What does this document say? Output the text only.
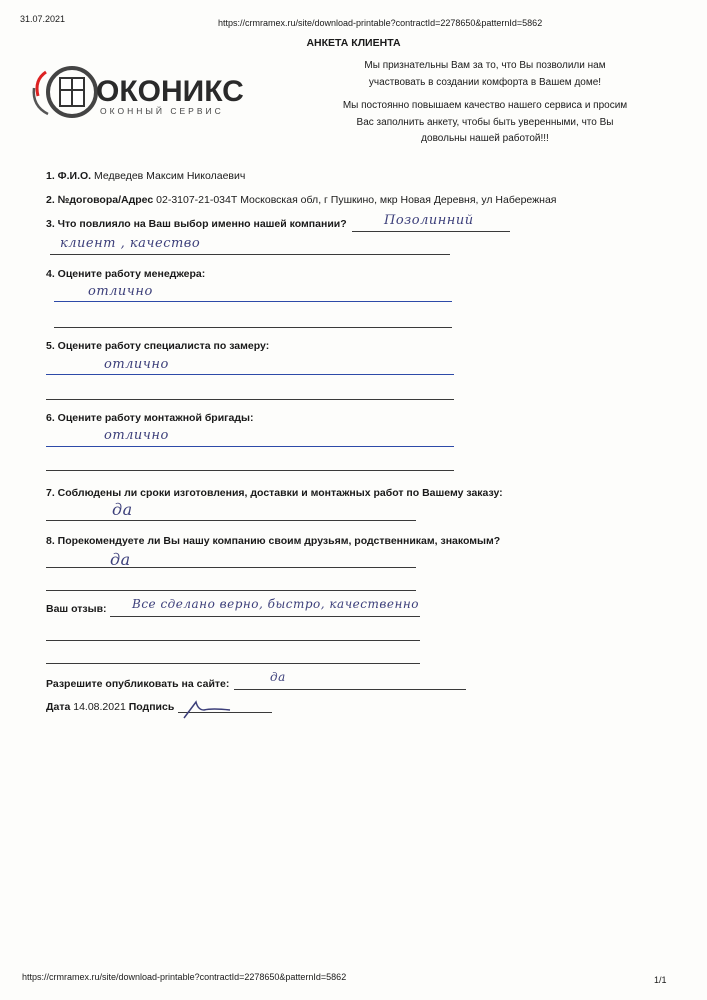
31.07.2021	https://crmramex.ru/site/download-printable?contractId=2278650&patternId=5862
АНКЕТА КЛИЕНТА
ОКОНИКС
ОКОННЫЙ СЕРВИС
Мы признательны Вам за то, что Вы позволили нам
участвовать в создании комфорта в Вашем доме!
Мы постоянно повышаем качество нашего сервиса и просим
Вас заполнить анкету, чтобы быть уверенными, что Вы
довольны нашей работой!!!
1. Ф.И.О. Медведев Максим Николаевич
2. №договора/Адрес 02-3107-21-034Т Московская обл, г Пушкино, мкр Новая Деревня, ул Набережная
3. Что повлияло на Ваш выбор именно нашей компании?	Позолинний
клиент , качество
4. Оцените работу менеджера:
отлично
5. Оцените работу специалиста по замеру:
отлично
6. Оцените работу монтажной бригады:
отлично
7. Соблюдены ли сроки изготовления, доставки и монтажных работ по Вашему заказу:
да
8. Порекомендуете ли Вы нашу компанию своим друзьям, родственникам, знакомым?
да
Ваш отзыв: Все сделано верно, быстро, качественно
Разрешите опубликовать на сайте:	да
Дата 14.08.2021 Подпись
https://crmramex.ru/site/download-printable?contractId=2278650&patternId=5862	1/1
